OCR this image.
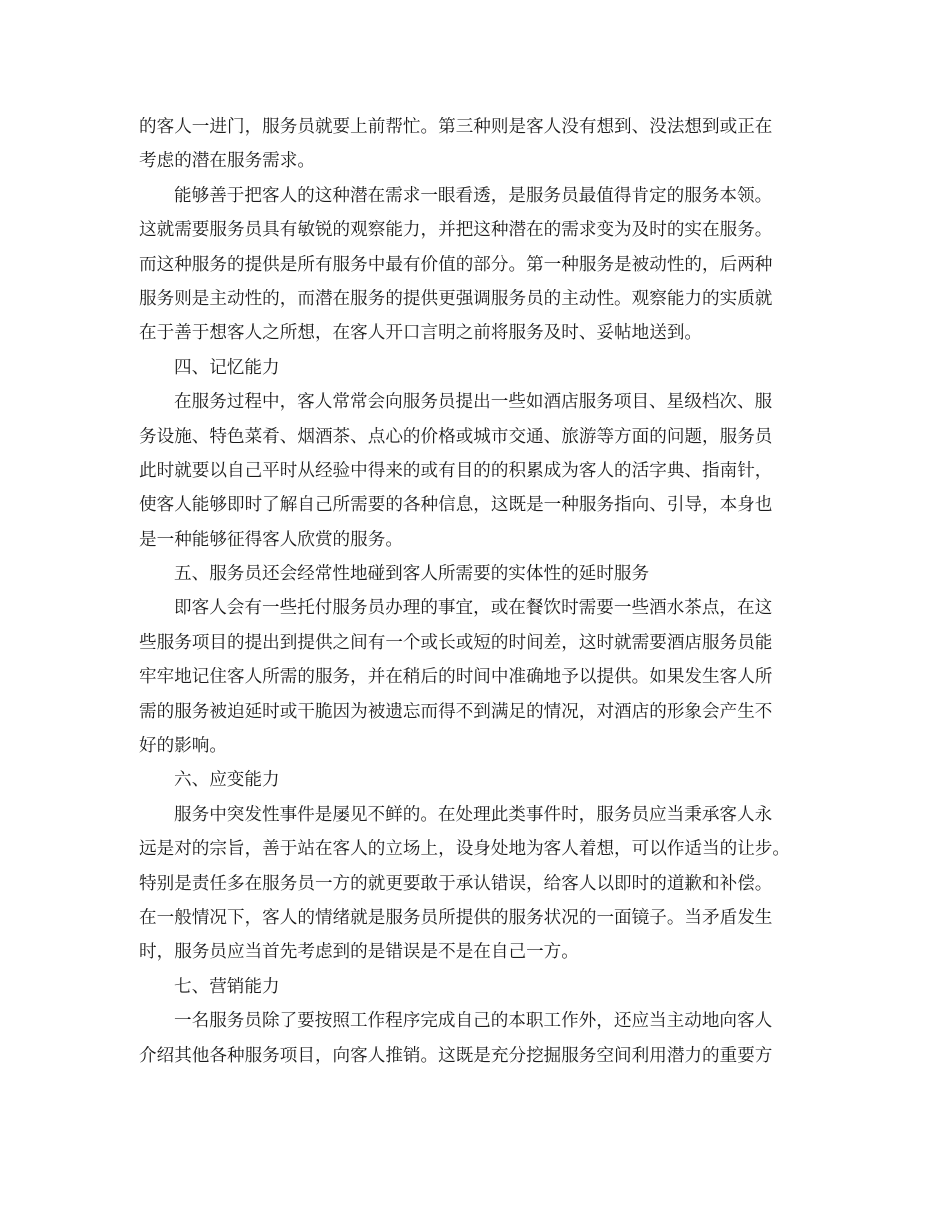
的客人一进门，服务员就要上前帮忙。第三种则是客人没有想到、没法想到或正在
考虑的潜在服务需求。
能够善于把客人的这种潜在需求一眼看透，是服务员最值得肯定的服务本领。
这就需要服务员具有敏锐的观察能力，并把这种潜在的需求变为及时的实在服务。
而这种服务的提供是所有服务中最有价值的部分。第一种服务是被动性的，后两种
服务则是主动性的，而潜在服务的提供更强调服务员的主动性。观察能力的实质就
在于善于想客人之所想，在客人开口言明之前将服务及时、妥帖地送到。
四、记忆能力
在服务过程中，客人常常会向服务员提出一些如酒店服务项目、星级档次、服
务设施、特色菜肴、烟酒茶、点心的价格或城市交通、旅游等方面的问题，服务员
此时就要以自己平时从经验中得来的或有目的的积累成为客人的活字典、指南针，
使客人能够即时了解自己所需要的各种信息，这既是一种服务指向、引导，本身也
是一种能够征得客人欣赏的服务。
五、服务员还会经常性地碰到客人所需要的实体性的延时服务
即客人会有一些托付服务员办理的事宜，或在餐饮时需要一些酒水茶点，在这
些服务项目的提出到提供之间有一个或长或短的时间差，这时就需要酒店服务员能
牢牢地记住客人所需的服务，并在稍后的时间中准确地予以提供。如果发生客人所
需的服务被迫延时或干脆因为被遗忘而得不到满足的情况，对酒店的形象会产生不
好的影响。
六、应变能力
服务中突发性事件是屡见不鲜的。在处理此类事件时，服务员应当秉承客人永
远是对的宗旨，善于站在客人的立场上，设身处地为客人着想，可以作适当的让步。
特别是责任多在服务员一方的就更要敢于承认错误，给客人以即时的道歉和补偿。
在一般情况下，客人的情绪就是服务员所提供的服务状况的一面镜子。当矛盾发生
时，服务员应当首先考虑到的是错误是不是在自己一方。
七、营销能力
一名服务员除了要按照工作程序完成自己的本职工作外，还应当主动地向客人
介绍其他各种服务项目，向客人推销。这既是充分挖掘服务空间利用潜力的重要方
